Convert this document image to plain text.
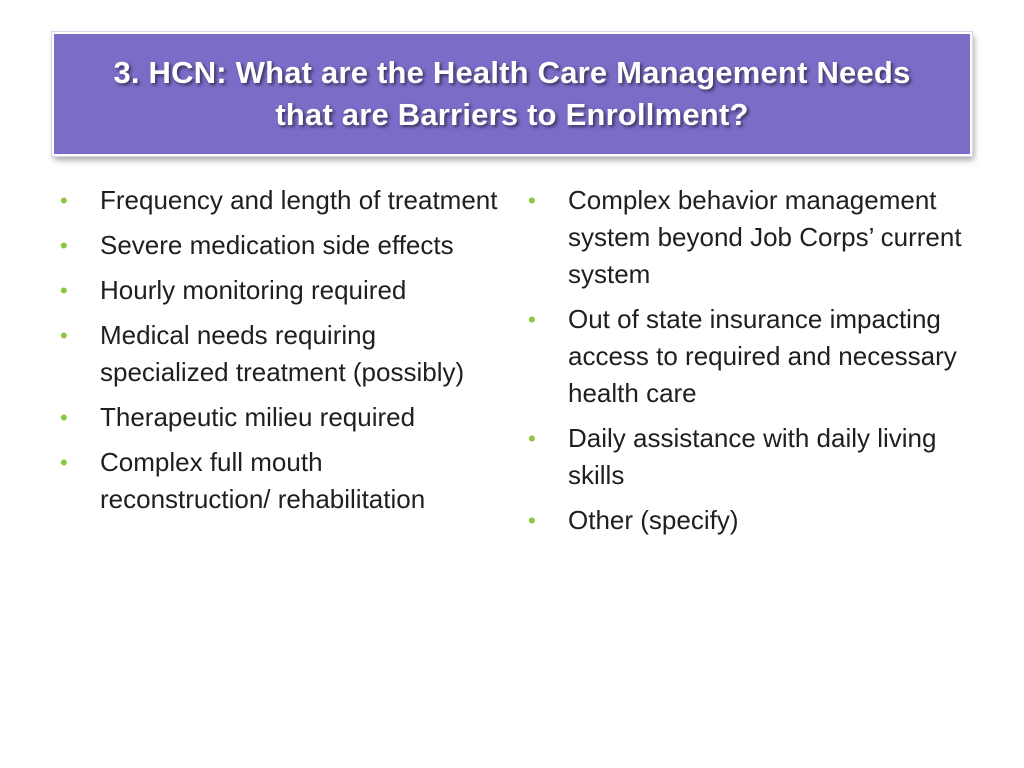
3. HCN: What are the Health Care Management Needs
that are Barriers to Enrollment?
•	Frequency and length of treatment
•	Severe medication side effects
•	Hourly monitoring required
•	Medical needs requiring specialized treatment (possibly)
•	Therapeutic milieu required
•	Complex full mouth reconstruction/ rehabilitation
•	Complex behavior management system beyond Job Corps’ current system
•	Out of state insurance impacting access to required and necessary health care
•	Daily assistance with daily living skills
•	Other (specify)
